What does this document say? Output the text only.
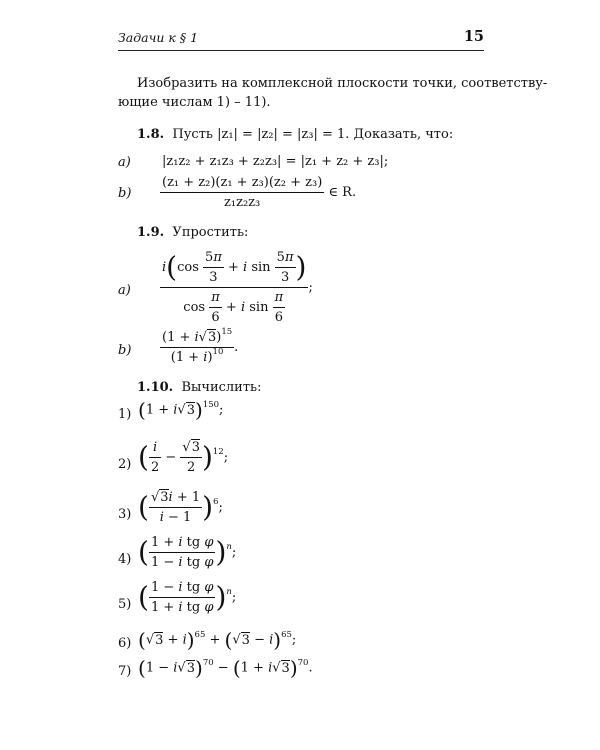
Задачи к § 1	15
Изобразить на комплексной плоскости точки, соответству-
ющие числам 1) – 11).
1.8. Пусть |z₁| = |z₂| = |z₃| = 1. Доказать, что:
a) |z₁z₂ + z₁z₃ + z₂z₃| = |z₁ + z₂ + z₃|;
$b) \frac{\text{(z₁ + z₂)(z₁ + z₃)(z₂ + z₃)}}{\text{z₁z₂z₃}}$ ∈ R.
1.9. Упростить:
$a) \frac{i(\cos \frac{5\pi}{3} + i \sin \frac{5\pi}{3} )}{\cos \frac{\pi}{6} + i \sin \frac{\pi}{6}}$ ;
$b) \frac{(1 + i√3)^{15}}{(1 + i)^{10}}$ .
1.10. Вычислить:
1) $(1 + i√3)^{150}$;
2) ( $\frac{i}{2} - \frac{√3}{2} )^{12}$;
3) ( $\frac{√3i + 1}{i - 1} )^6$;
4) ( $\frac{\text{1 + i tg φ}}{\text{1 − i tg φ}} )^n$;
5) ( $\frac{\text{1 − i tg φ}}{\text{1 + i tg φ}} )^n$;
6) $(√3 + i)^{65} + (√3 - i)^{65}$;
7) $(1 - i√3)^{70} - (1 + i√3)^{70}$.
